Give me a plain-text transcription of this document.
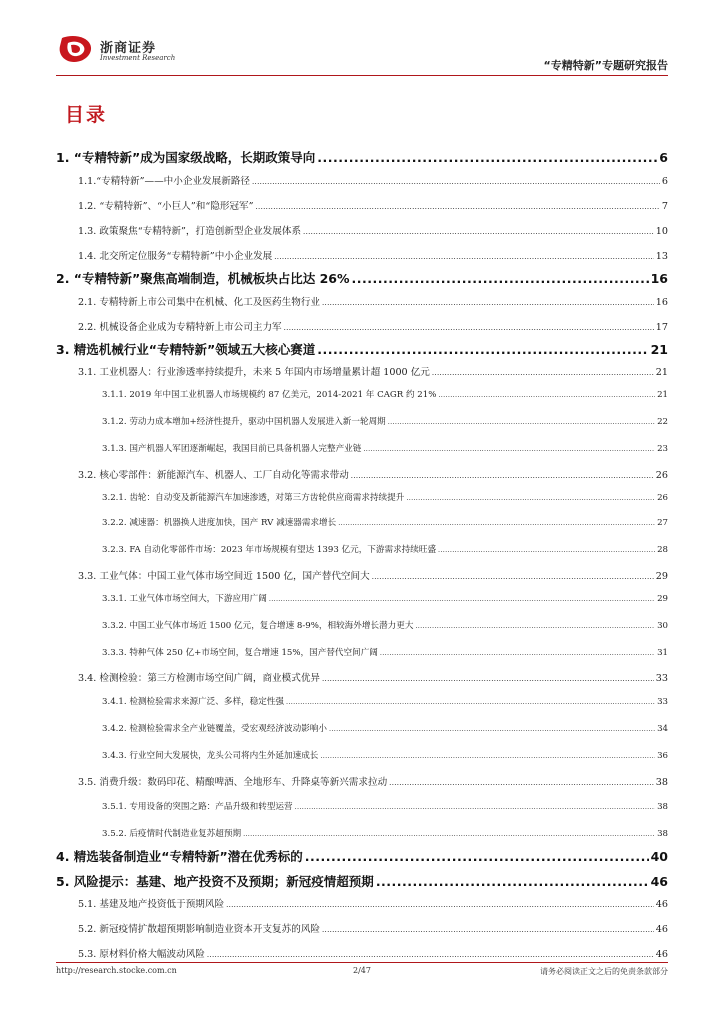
浙商证券
Investment Research
“专精特新”专题研究报告
目录
1. “专精特新”成为国家级战略，长期政策导向 .....	6
1.1.“专精特新”——中小企业发展新路径 .....	6
1.2. “专精特新”、“小巨人”和“隐形冠军” .....	7
1.3. 政策聚焦“专精特新”，打造创新型企业发展体系 .....	10
1.4. 北交所定位服务“专精特新”中小企业发展 .....	13
2. “专精特新”聚焦高端制造，机械板块占比达 26% .....	16
2.1. 专精特新上市公司集中在机械、化工及医药生物行业 .....	16
2.2. 机械设备企业成为专精特新上市公司主力军 .....	17
3. 精选机械行业“专精特新”领域五大核心赛道 .....	21
3.1. 工业机器人：行业渗透率持续提升，未来 5 年国内市场增量累计超 1000 亿元 .....	21
3.1.1. 2019 年中国工业机器人市场规模约 87 亿美元，2014-2021 年 CAGR 约 21% .....	21
3.1.2. 劳动力成本增加+经济性提升，驱动中国机器人发展进入新一轮周期 .....	22
3.1.3. 国产机器人军团逐渐崛起，我国目前已具备机器人完整产业链 .....	23
3.2. 核心零部件：新能源汽车、机器人、工厂自动化等需求带动 .....	26
3.2.1. 齿轮：自动变及新能源汽车加速渗透，对第三方齿轮供应商需求持续提升 .....	26
3.2.2. 减速器：机器换人进度加快，国产 RV 减速器需求增长 .....	27
3.2.3. FA 自动化零部件市场：2023 年市场规模有望达 1393 亿元，下游需求持续旺盛 .....	28
3.3. 工业气体：中国工业气体市场空间近 1500 亿，国产替代空间大 .....	29
3.3.1. 工业气体市场空间大，下游应用广阔 .....	29
3.3.2. 中国工业气体市场近 1500 亿元，复合增速 8-9%，相较海外增长潜力更大 .....	30
3.3.3. 特种气体 250 亿+市场空间，复合增速 15%，国产替代空间广阔 .....	31
3.4. 检测检验：第三方检测市场空间广阔，商业模式优异 .....	33
3.4.1. 检测检验需求来源广泛、多样，稳定性强 .....	33
3.4.2. 检测检验需求全产业链覆盖，受宏观经济波动影响小 .....	34
3.4.3. 行业空间大发展快，龙头公司将内生外延加速成长 .....	36
3.5. 消费升级：数码印花、精酿啤酒、全地形车、升降桌等新兴需求拉动 .....	38
3.5.1. 专用设备的突围之路：产品升级和转型运营 .....	38
3.5.2. 后疫情时代制造业复苏超预期 .....	38
4. 精选装备制造业“专精特新”潜在优秀标的 .....	40
5. 风险提示：基建、地产投资不及预期；新冠疫情超预期 .....	46
5.1. 基建及地产投资低于预期风险 .....	46
5.2. 新冠疫情扩散超预期影响制造业资本开支复苏的风险 .....	46
5.3. 原材料价格大幅波动风险 .....	46
http://research.stocke.com.cn	2/47	请务必阅读正文之后的免责条款部分
